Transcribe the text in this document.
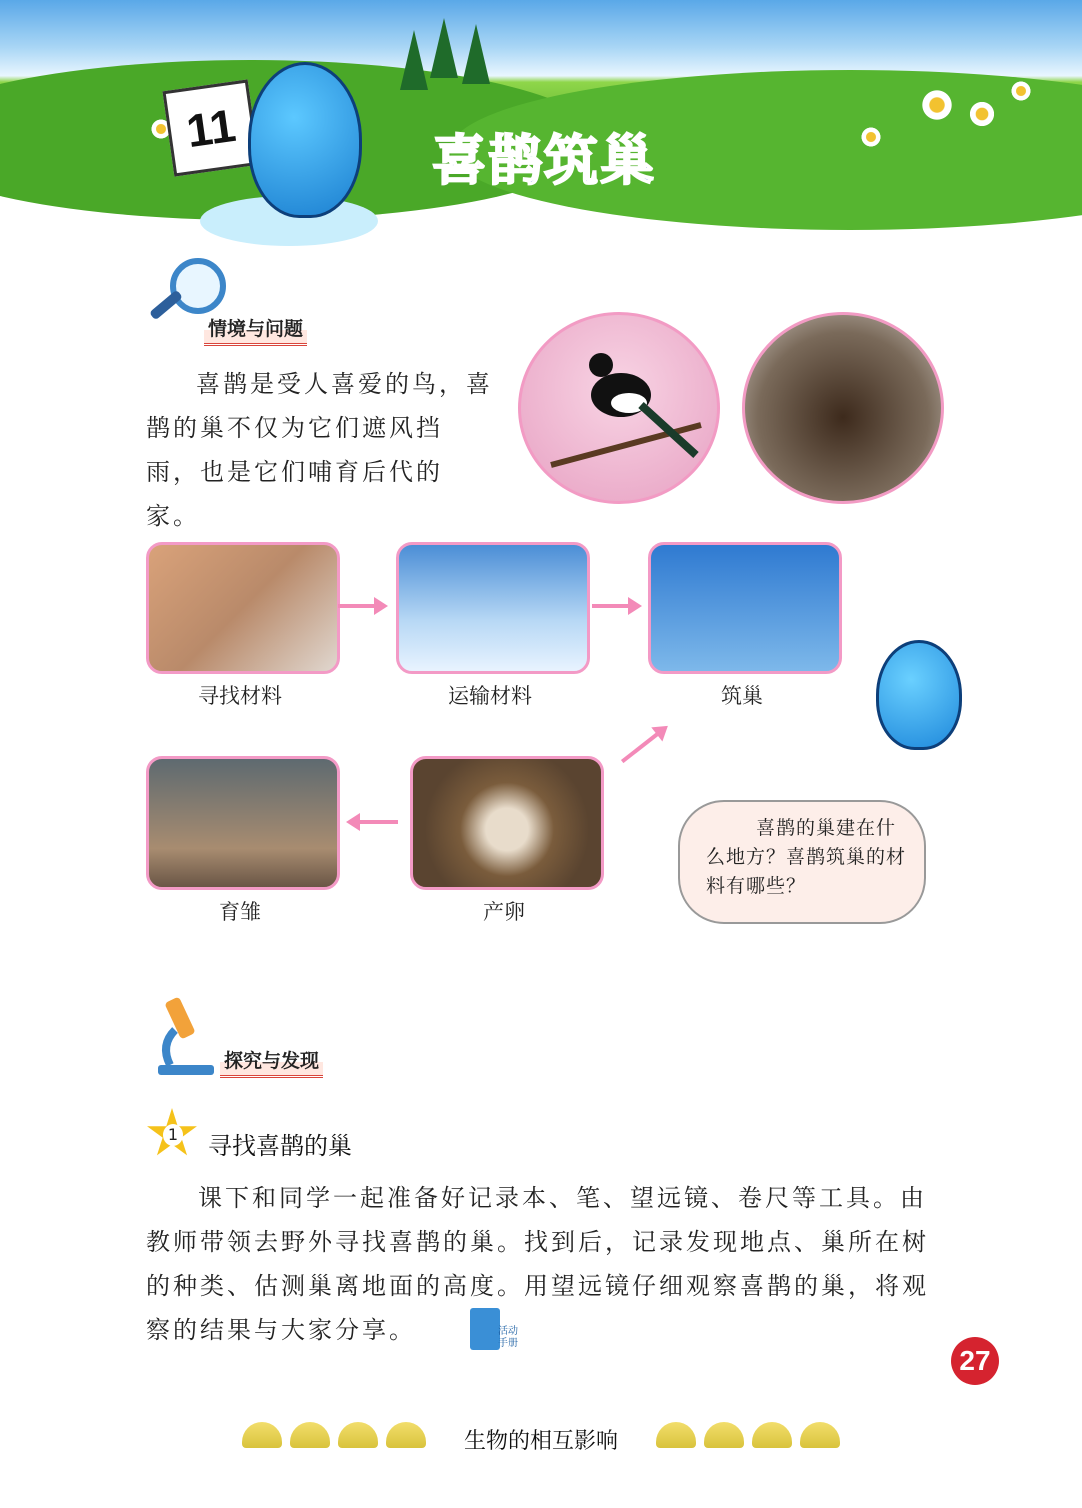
11
喜鹊筑巢
情境与问题

喜鹊是受人喜爱的鸟，喜鹊的巢不仅为它们遮风挡雨，也是它们哺育后代的家。

寻找材料	运输材料	筑巢
育雏	产卵

喜鹊的巢建在什么地方？喜鹊筑巢的材料有哪些？

探究与发现
1 寻找喜鹊的巢

课下和同学一起准备好记录本、笔、望远镜、卷尺等工具。由教师带领去野外寻找喜鹊的巢。找到后，记录发现地点、巢所在树的种类、估测巢离地面的高度。用望远镜仔细观察喜鹊的巢，将观察的结果与大家分享。	活动手册
27
生物的相互影响
